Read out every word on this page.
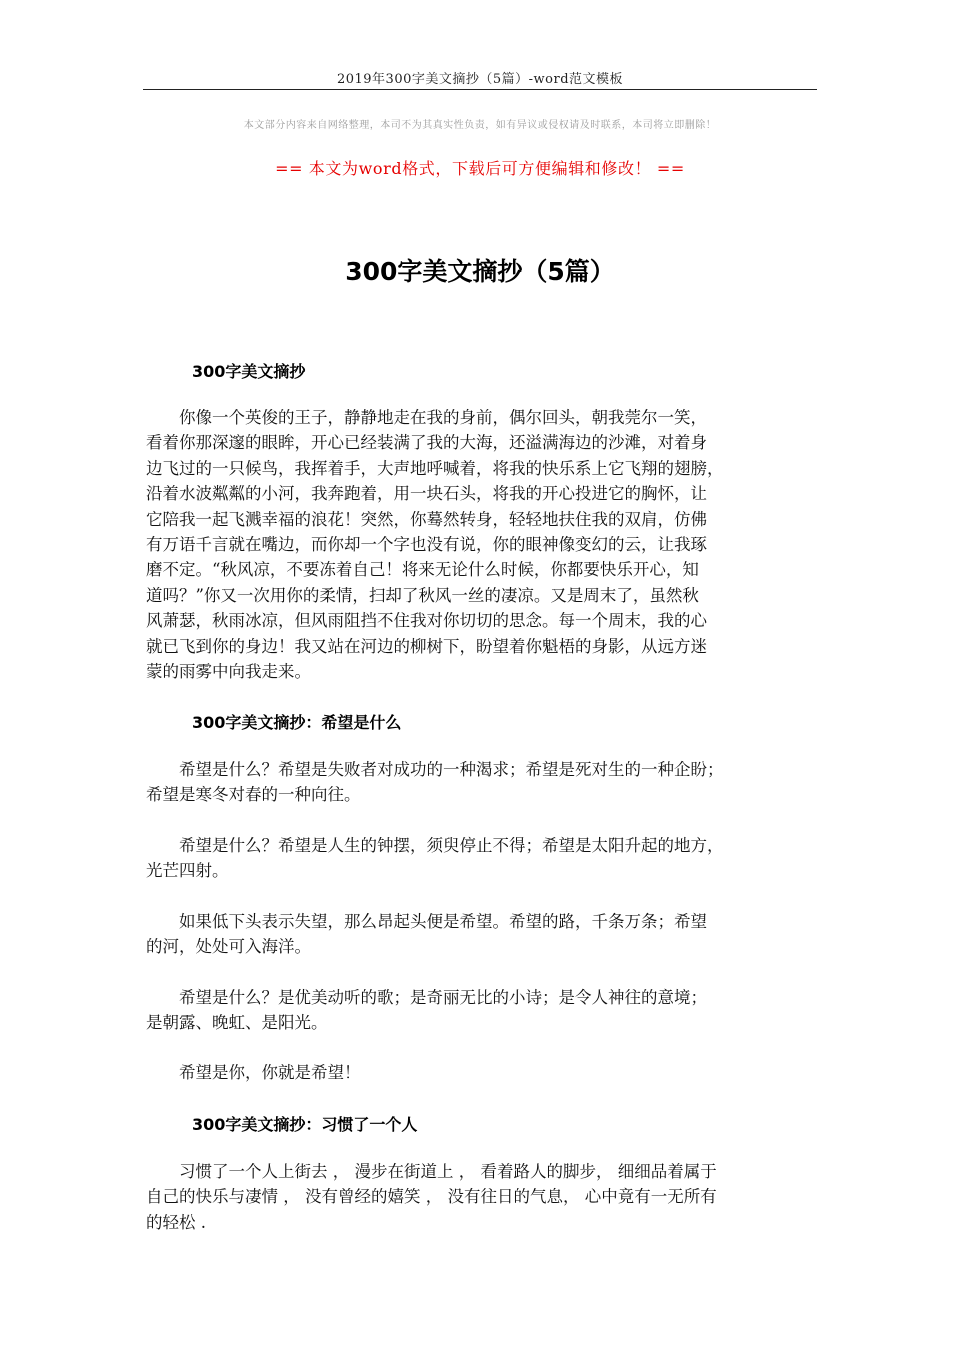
2019年300字美文摘抄（5篇）-word范文模板
本文部分内容来自网络整理，本司不为其真实性负责，如有异议或侵权请及时联系，本司将立即删除！
== 本文为word格式，下载后可方便编辑和修改！ ==
300字美文摘抄（5篇）
300字美文摘抄
　　你像一个英俊的王子，静静地走在我的身前，偶尔回头，朝我莞尔一笑，
看着你那深邃的眼眸，开心已经装满了我的大海，还溢满海边的沙滩，对着身
边飞过的一只候鸟，我挥着手，大声地呼喊着，将我的快乐系上它飞翔的翅膀，
沿着水波粼粼的小河，我奔跑着，用一块石头，将我的开心投进它的胸怀，让
它陪我一起飞溅幸福的浪花！突然，你蓦然转身，轻轻地扶住我的双肩，仿佛
有万语千言就在嘴边，而你却一个字也没有说，你的眼神像变幻的云，让我琢
磨不定。“秋风凉，不要冻着自己！将来无论什么时候，你都要快乐开心，知
道吗？”你又一次用你的柔情，扫却了秋风一丝的凄凉。又是周末了，虽然秋
风萧瑟，秋雨冰凉，但风雨阻挡不住我对你切切的思念。每一个周末，我的心
就已飞到你的身边！我又站在河边的柳树下，盼望着你魁梧的身影，从远方迷
蒙的雨雾中向我走来。
300字美文摘抄：希望是什么
　　希望是什么？希望是失败者对成功的一种渴求；希望是死对生的一种企盼；
希望是寒冬对春的一种向往。
　　希望是什么？希望是人生的钟摆，须臾停止不得；希望是太阳升起的地方，
光芒四射。
　　如果低下头表示失望，那么昂起头便是希望。希望的路，千条万条；希望
的河，处处可入海洋。
　　希望是什么？是优美动听的歌；是奇丽无比的小诗；是令人神往的意境；
是朝露、晚虹、是阳光。
　　希望是你，你就是希望！
300字美文摘抄：习惯了一个人
　　习惯了一个人上街去 ， 漫步在街道上 ， 看着路人的脚步， 细细品着属于
自己的快乐与凄情 ， 没有曾经的嬉笑 ， 没有往日的气息， 心中竟有一无所有
的轻松 .
